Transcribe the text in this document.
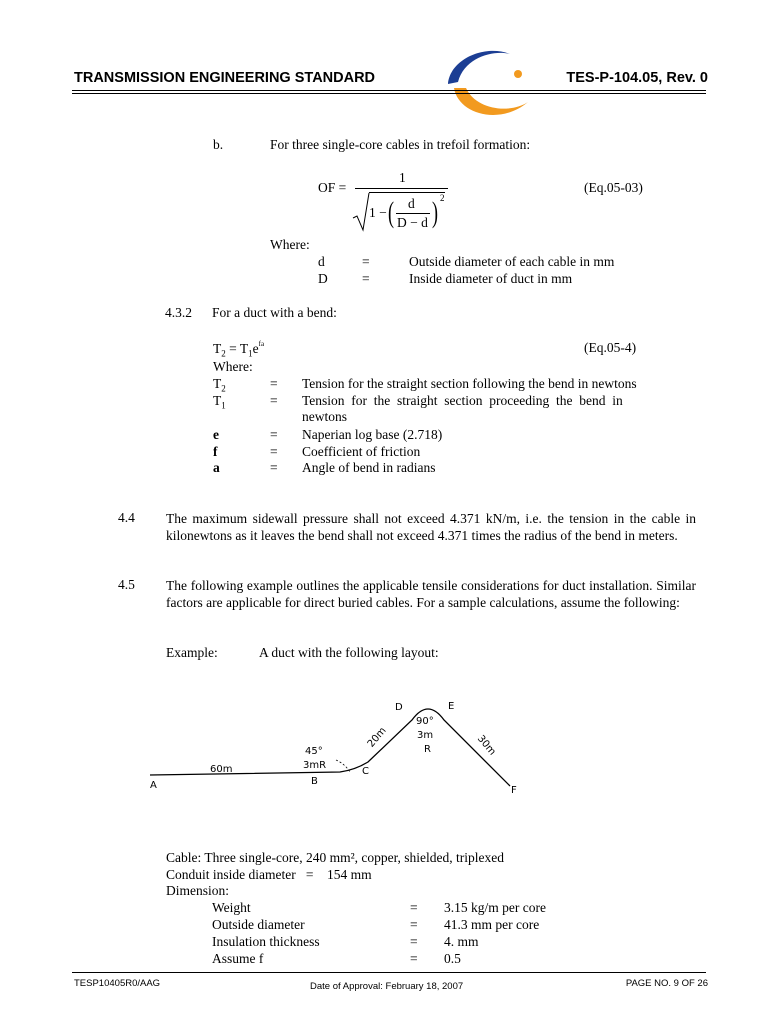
TRANSMISSION ENGINEERING STANDARD	TES-P-104.05, Rev. 0
b.	For three single-core cables in trefoil formation:
OF =
1
1 − ( d
D − d ) 2
(Eq.05-03)
Where:
d	=	Outside diameter of each cable in mm
D	=	Inside diameter of duct in mm
4.3.2 For a duct with a bend:
$T_2 = T_1e^{fa}$	(Eq.05-4)
Where:
$T_2$	= Tension for the straight section following the bend in newtons
$T_1$	= Tension  for  the  straight  section  proceeding  the  bend  in
newtons
e	= Naperian log base (2.718)
f	= Coefficient of friction
a	= Angle of bend in radians
4.4 The maximum sidewall pressure shall not exceed 4.371 kN/m, i.e. the tension in the cable in kilonewtons as it leaves the bend shall not exceed 4.371 times the radius of the bend in meters.
4.5 The following example outlines the applicable tensile considerations for duct installation. Similar factors are applicable for direct buried cables. For a sample calculations, assume the following:
Example:	A duct with the following layout:
A
60m
45°
3mR
B
C
20m
D	E
90°
3m
R	30m
F
Cable: Three single-core, 240 mm², copper, shielded, triplexed
Conduit inside diameter   =    154 mm
Dimension:
Weight	= 3.15 kg/m per core
Outside diameter	= 41.3 mm per core
Insulation thickness	= 4. mm
Assume f	= 0.5
TESP10405R0/AAG	Date of Approval: February 18, 2007	PAGE NO. 9 OF 26
